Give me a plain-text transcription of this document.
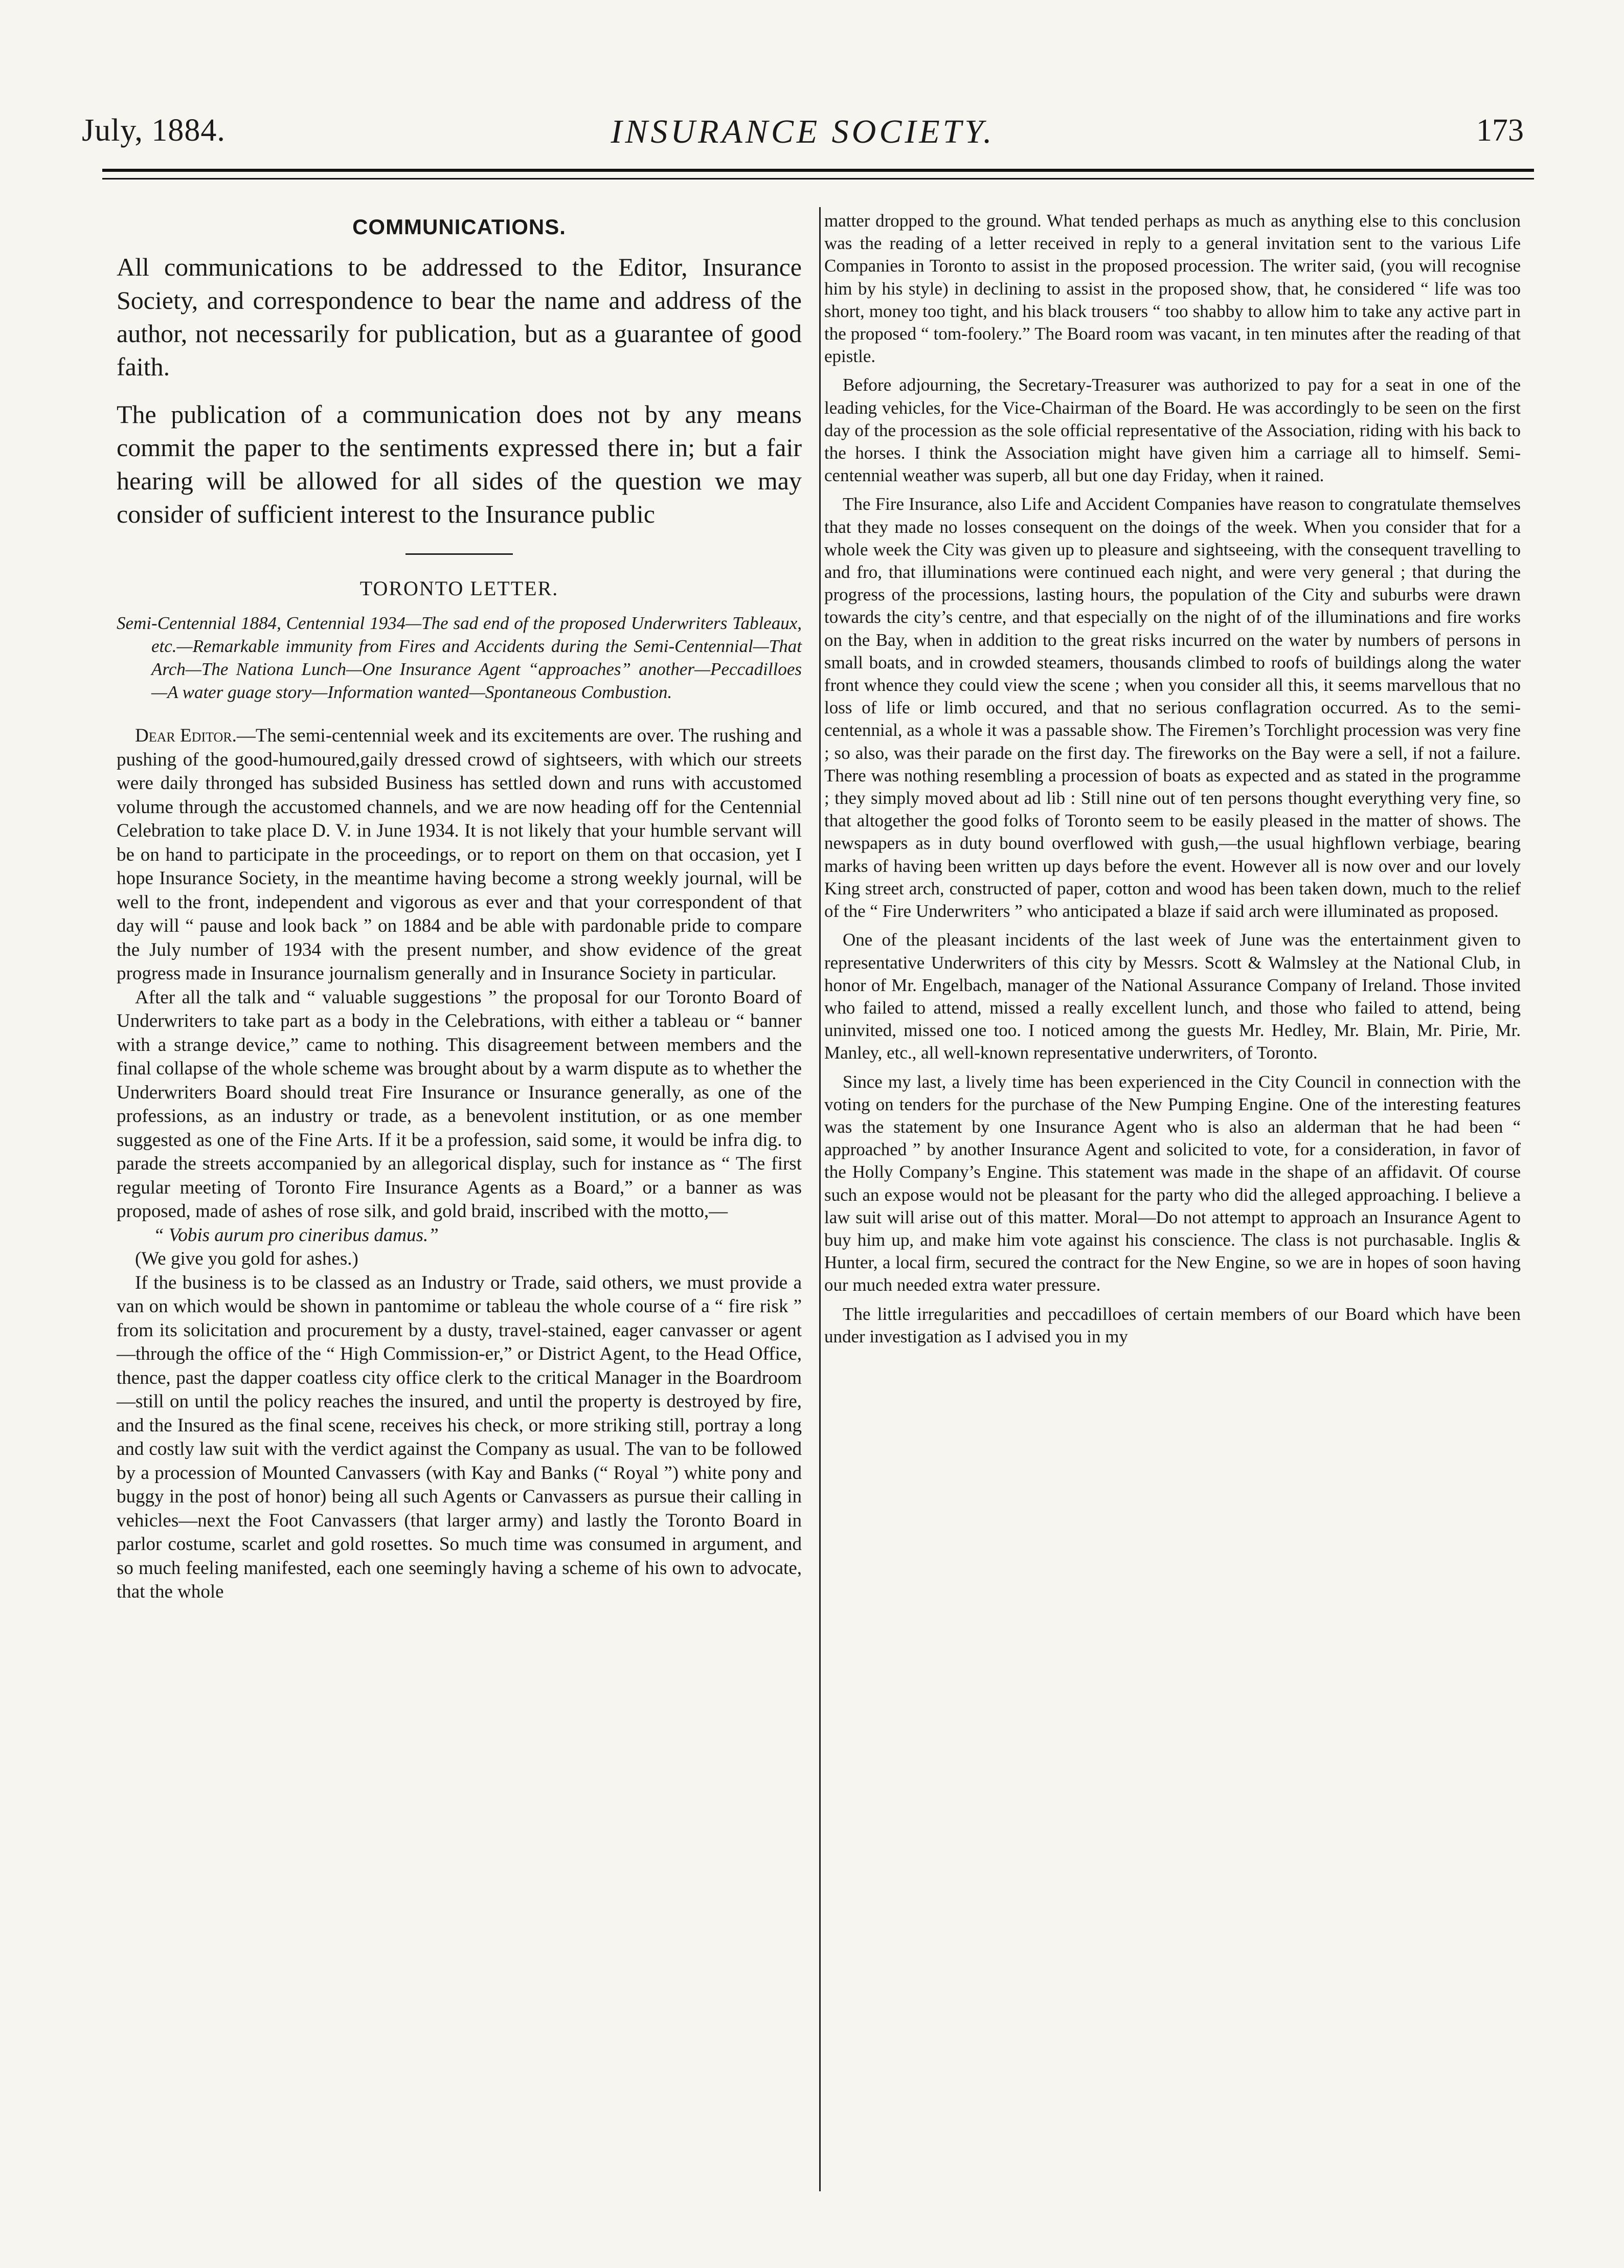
July, 1884.	INSURANCE SOCIETY.	173
COMMUNICATIONS.

All communications to be addressed to the Editor, Insurance Society, and correspondence to bear the name and address of the author, not necessarily for publication, but as a guarantee of good faith.

The publication of a communication does not by any means commit the paper to the sentiments expressed there in; but a fair hearing will be allowed for all sides of the question we may consider of sufficient interest to the Insurance public

TORONTO LETTER.
Semi-Centennial 1884, Centennial 1934—The sad end of the proposed Underwriters Tableaux, etc.—Remarkable immunity from Fires and Accidents during the Semi-Centennial—That Arch—The Nationa Lunch—One Insurance Agent “approaches” another—Peccadilloes —A water guage story—Information wanted—Spontaneous Combustion.

Dear Editor.—The semi-centennial week and its excitements are over. The rushing and pushing of the good-humoured,gaily dressed crowd of sightseers, with which our streets were daily thronged has subsided Business has settled down and runs with accustomed volume through the accustomed channels, and we are now heading off for the Centennial Celebration to take place D. V. in June 1934. It is not likely that your humble servant will be on hand to participate in the proceedings, or to report on them on that occasion, yet I hope Insurance Society, in the meantime having become a strong weekly journal, will be well to the front, independent and vigorous as ever and that your correspondent of that day will “ pause and look back ” on 1884 and be able with pardonable pride to compare the July number of 1934 with the present number, and show evidence of the great progress made in Insurance journalism generally and in Insurance Society in particular.

After all the talk and “ valuable suggestions ” the proposal for our Toronto Board of Underwriters to take part as a body in the Celebrations, with either a tableau or “ banner with a strange device,” came to nothing. This disagreement between members and the final collapse of the whole scheme was brought about by a warm dispute as to whether the Underwriters Board should treat Fire Insurance or Insurance generally, as one of the professions, as an industry or trade, as a benevolent institution, or as one member suggested as one of the Fine Arts. If it be a profession, said some, it would be infra dig. to parade the streets accompanied by an allegorical display, such for instance as “ The first regular meeting of Toronto Fire Insurance Agents as a Board,” or a banner as was proposed, made of ashes of rose silk, and gold braid, inscribed with the motto,—

“ Vobis aurum pro cineribus damus.”

(We give you gold for ashes.)

If the business is to be classed as an Industry or Trade, said others, we must provide a van on which would be shown in pantomime or tableau the whole course of a “ fire risk ” from its solicitation and procurement by a dusty, travel-stained, eager canvasser or agent—through the office of the “ High Commission-er,” or District Agent, to the Head Office, thence, past the dapper coatless city office clerk to the critical Manager in the Boardroom—still on until the policy reaches the insured, and until the property is destroyed by fire, and the Insured as the final scene, receives his check, or more striking still, portray a long and costly law suit with the verdict against the Company as usual. The van to be followed by a procession of Mounted Canvassers (with Kay and Banks (“ Royal ”) white pony and buggy in the post of honor) being all such Agents or Canvassers as pursue their calling in vehicles—next the Foot Canvassers (that larger army) and lastly the Toronto Board in parlor costume, scarlet and gold rosettes. So much time was consumed in argument, and so much feeling manifested, each one seemingly having a scheme of his own to advocate, that the whole

matter dropped to the ground. What tended perhaps as much as anything else to this conclusion was the reading of a letter received in reply to a general invitation sent to the various Life Companies in Toronto to assist in the proposed procession. The writer said, (you will recognise him by his style) in declining to assist in the proposed show, that, he considered “ life was too short, money too tight, and his black trousers “ too shabby to allow him to take any active part in the proposed “ tom-foolery.” The Board room was vacant, in ten minutes after the reading of that epistle.

Before adjourning, the Secretary-Treasurer was authorized to pay for a seat in one of the leading vehicles, for the Vice-Chairman of the Board. He was accordingly to be seen on the first day of the procession as the sole official representative of the Association, riding with his back to the horses. I think the Association might have given him a carriage all to himself. Semi-centennial weather was superb, all but one day Friday, when it rained.

The Fire Insurance, also Life and Accident Companies have reason to congratulate themselves that they made no losses consequent on the doings of the week. When you consider that for a whole week the City was given up to pleasure and sightseeing, with the consequent travelling to and fro, that illuminations were continued each night, and were very general ; that during the progress of the processions, lasting hours, the population of the City and suburbs were drawn towards the city’s centre, and that especially on the night of of the illuminations and fire works on the Bay, when in addition to the great risks incurred on the water by numbers of persons in small boats, and in crowded steamers, thousands climbed to roofs of buildings along the water front whence they could view the scene ; when you consider all this, it seems marvellous that no loss of life or limb occured, and that no serious conflagration occurred. As to the semi-centennial, as a whole it was a passable show. The Firemen’s Torchlight procession was very fine ; so also, was their parade on the first day. The fireworks on the Bay were a sell, if not a failure. There was nothing resembling a procession of boats as expected and as stated in the programme ; they simply moved about ad lib : Still nine out of ten persons thought everything very fine, so that altogether the good folks of Toronto seem to be easily pleased in the matter of shows. The newspapers as in duty bound overflowed with gush,—the usual highflown verbiage, bearing marks of having been written up days before the event. However all is now over and our lovely King street arch, constructed of paper, cotton and wood has been taken down, much to the relief of the “ Fire Underwriters ” who anticipated a blaze if said arch were illuminated as proposed.

One of the pleasant incidents of the last week of June was the entertainment given to representative Underwriters of this city by Messrs. Scott & Walmsley at the National Club, in honor of Mr. Engelbach, manager of the National Assurance Company of Ireland. Those invited who failed to attend, missed a really excellent lunch, and those who failed to attend, being uninvited, missed one too. I noticed among the guests Mr. Hedley, Mr. Blain, Mr. Pirie, Mr. Manley, etc., all well-known representative underwriters, of Toronto.

Since my last, a lively time has been experienced in the City Council in connection with the voting on tenders for the purchase of the New Pumping Engine. One of the interesting features was the statement by one Insurance Agent who is also an alderman that he had been “ approached ” by another Insurance Agent and solicited to vote, for a consideration, in favor of the Holly Company’s Engine. This statement was made in the shape of an affidavit. Of course such an expose would not be pleasant for the party who did the alleged approaching. I believe a law suit will arise out of this matter. Moral—Do not attempt to approach an Insurance Agent to buy him up, and make him vote against his conscience. The class is not purchasable. Inglis & Hunter, a local firm, secured the contract for the New Engine, so we are in hopes of soon having our much needed extra water pressure.

The little irregularities and peccadilloes of certain members of our Board which have been under investigation as I advised you in my
